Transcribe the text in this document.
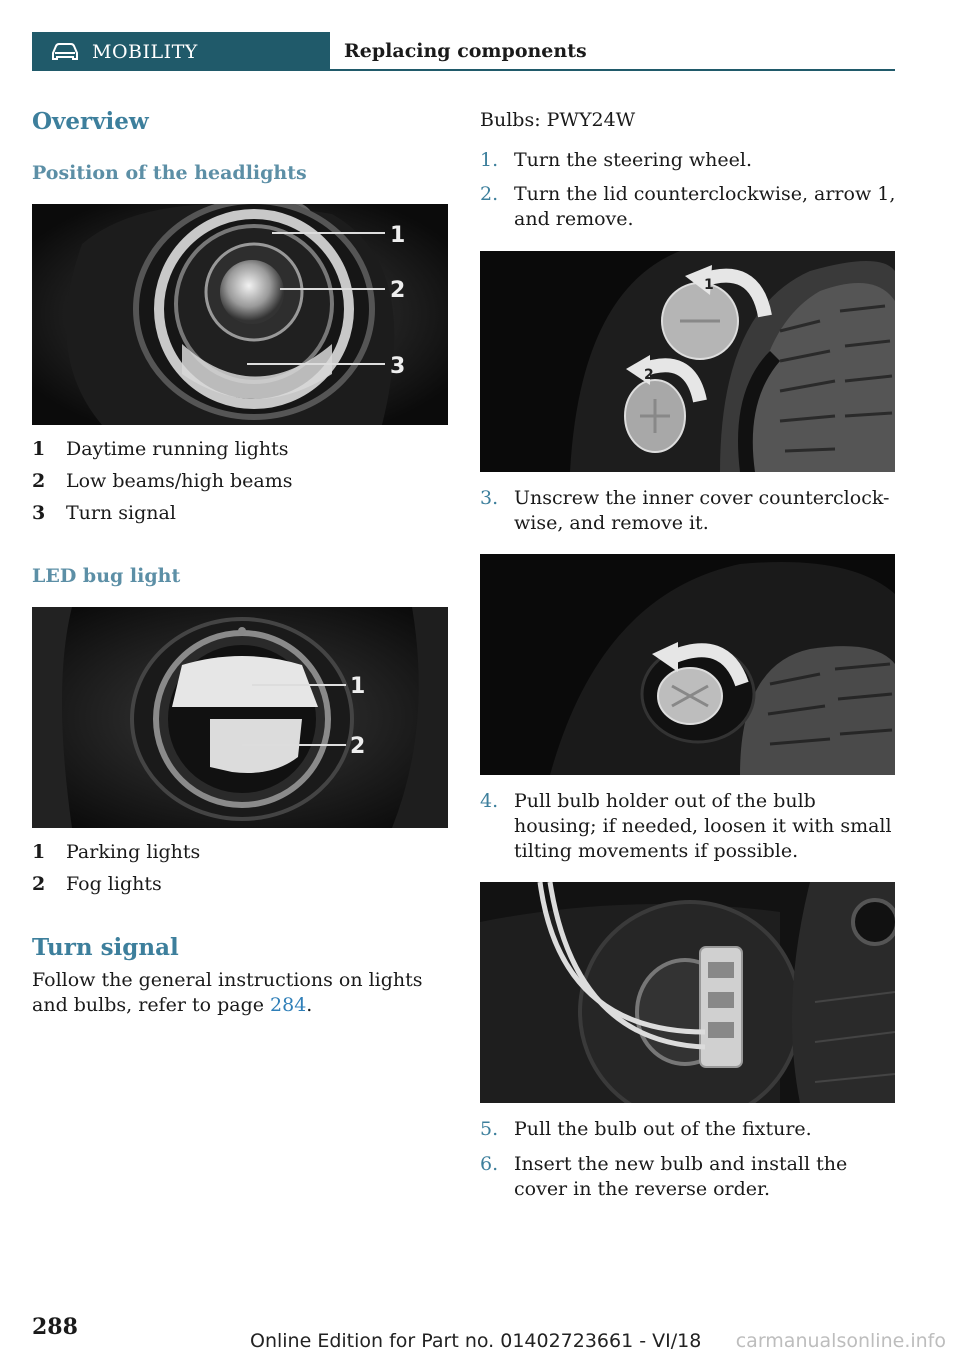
MOBILITY	Replacing components
Overview
Position of the headlights
1
2
3
1 Daytime running lights
2 Low beams/high beams
3 Turn signal
LED bug light
1
2
1 Parking lights
2 Fog lights
Turn signal

Follow the general instructions on lights and bulbs, refer to page 284.

Bulbs: PWY24W

1. Turn the steering wheel.
2. Turn the lid counterclockwise, arrow 1, and remove.
1
2
3. Unscrew the inner cover counterclock-wise, and remove it.
4. Pull bulb holder out of the bulb housing; if needed, loosen it with small tilting movements if possible.
5. Pull the bulb out of the fixture.
6. Insert the new bulb and install the cover in the reverse order.
288
Online Edition for Part no. 01402723661 - VI/18 carmanualsonline.info
